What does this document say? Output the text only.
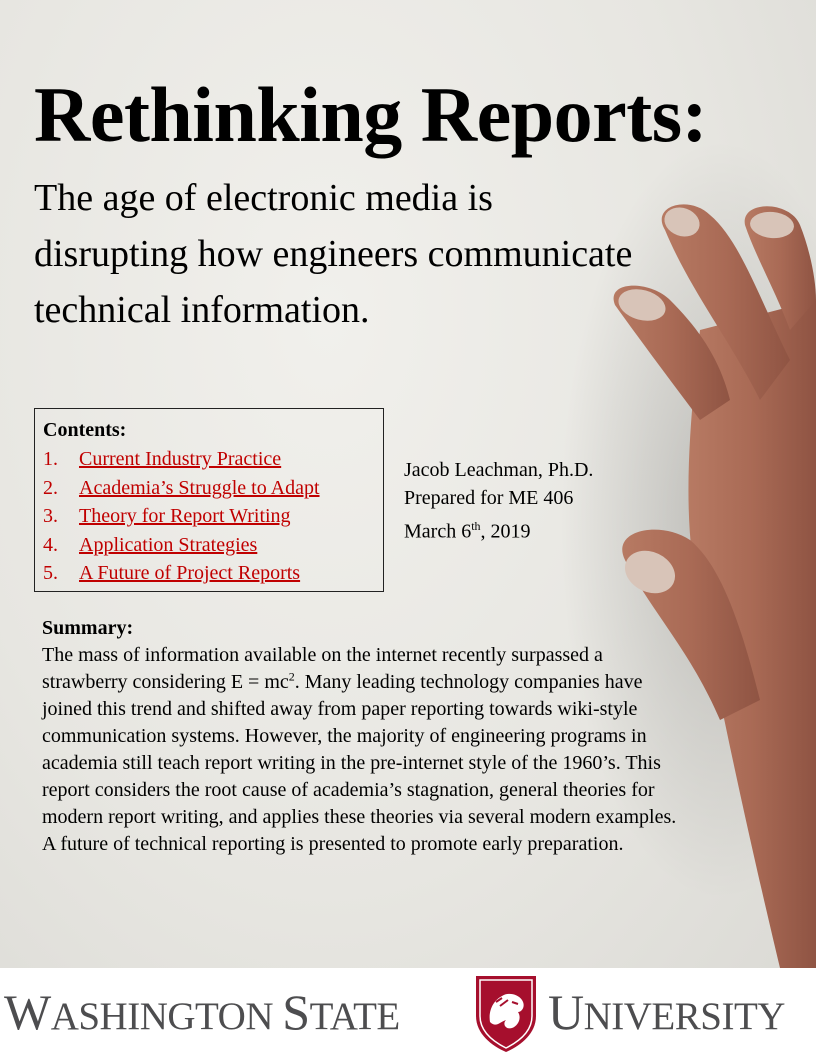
Rethinking Reports:
The age of electronic media is disrupting how engineers communicate technical information.
Contents:
1. Current Industry Practice
2. Academia’s Struggle to Adapt
3. Theory for Report Writing
4. Application Strategies
5. A Future of Project Reports
Jacob Leachman, Ph.D.
Prepared for ME 406
March 6th, 2019
Summary:
The mass of information available on the internet recently surpassed a strawberry considering $E = mc^2$. Many leading technology companies have joined this trend and shifted away from paper reporting towards wiki-style communication systems. However, the majority of engineering programs in academia still teach report writing in the pre-internet style of the 1960’s. This report considers the root cause of academia’s stagnation, general theories for modern report writing, and applies these theories via several modern examples. A future of technical reporting is presented to promote early preparation.
WASHINGTON STATE	UNIVERSITY
